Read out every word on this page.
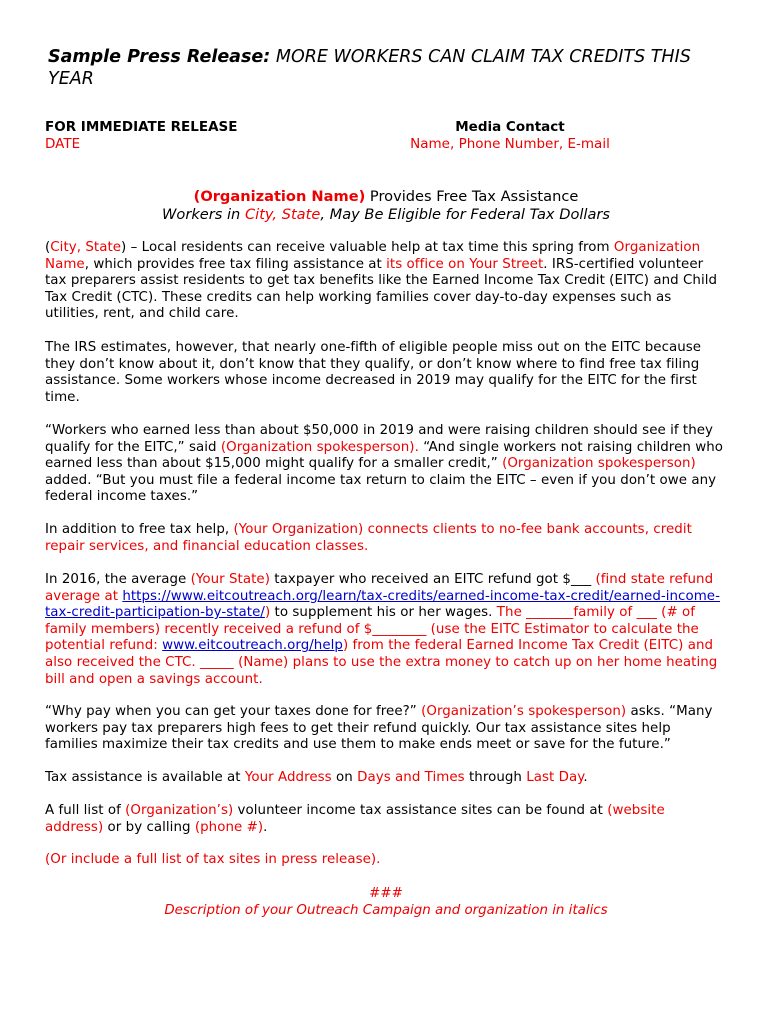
Sample Press Release: MORE WORKERS CAN CLAIM TAX CREDITS THIS
YEAR
FOR IMMEDIATE RELEASE
DATE
Media Contact
Name, Phone Number, E-mail
(Organization Name) Provides Free Tax Assistance
Workers in City, State, May Be Eligible for Federal Tax Dollars
(City, State) – Local residents can receive valuable help at tax time this spring from Organization Name, which provides free tax filing assistance at its office on Your Street. IRS-certified volunteer tax preparers assist residents to get tax benefits like the Earned Income Tax Credit (EITC) and Child Tax Credit (CTC). These credits can help working families cover day-to-day expenses such as utilities, rent, and child care.
The IRS estimates, however, that nearly one-fifth of eligible people miss out on the EITC because they don’t know about it, don’t know that they qualify, or don’t know where to find free tax filing assistance. Some workers whose income decreased in 2019 may qualify for the EITC for the first time.
“Workers who earned less than about $50,000 in 2019 and were raising children should see if they qualify for the EITC,” said (Organization spokesperson). “And single workers not raising children who earned less than about $15,000 might qualify for a smaller credit,” (Organization spokesperson) added. “But you must file a federal income tax return to claim the EITC – even if you don’t owe any federal income taxes.”
In addition to free tax help, (Your Organization) connects clients to no-fee bank accounts, credit repair services, and financial education classes.
In 2016, the average (Your State) taxpayer who received an EITC refund got $___ (find state refund average at https://www.eitcoutreach.org/learn/tax-credits/earned-income-tax-credit/earned-income-tax-credit-participation-by-state/) to supplement his or her wages. The _______family of ___ (# of family members) recently received a refund of $________ (use the EITC Estimator to calculate the potential refund: www.eitcoutreach.org/help) from the federal Earned Income Tax Credit (EITC) and also received the CTC. _____ (Name) plans to use the extra money to catch up on her home heating bill and open a savings account.
“Why pay when you can get your taxes done for free?” (Organization’s spokesperson) asks. “Many workers pay tax preparers high fees to get their refund quickly. Our tax assistance sites help families maximize their tax credits and use them to make ends meet or save for the future.”
Tax assistance is available at Your Address on Days and Times through Last Day.
A full list of (Organization’s) volunteer income tax assistance sites can be found at (website address) or by calling (phone #).
(Or include a full list of tax sites in press release).
###
Description of your Outreach Campaign and organization in italics
